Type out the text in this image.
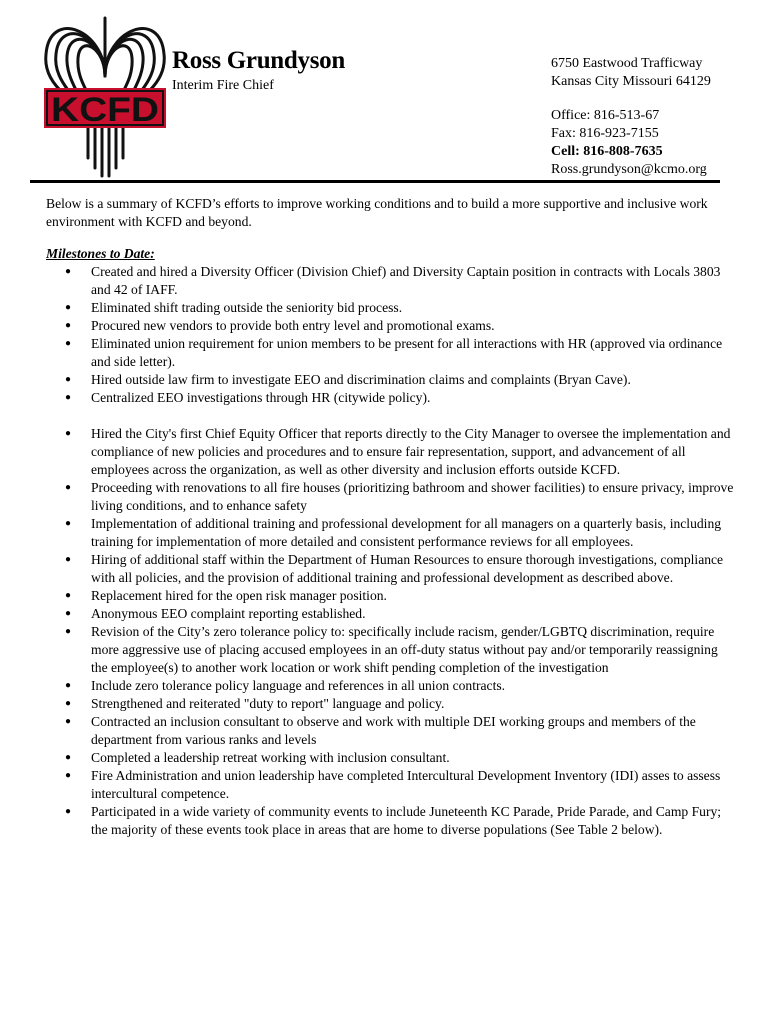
KCFD
Ross Grundyson
Interim Fire Chief
6750 Eastwood Trafficway
Kansas City Missouri 64129
Office: 816-513-67
Fax: 816-923-7155
Cell: 816-808-7635
Ross.grundyson@kcmo.org

Below is a summary of KCFD’s efforts to improve working conditions and to build a more supportive and inclusive work environment with KCFD and beyond.

Milestones to Date:

● Created and hired a Diversity Officer (Division Chief) and Diversity Captain position in contracts with Locals 3803 and 42 of IAFF.
● Eliminated shift trading outside the seniority bid process.
● Procured new vendors to provide both entry level and promotional exams.
● Eliminated union requirement for union members to be present for all interactions with HR (approved via ordinance and side letter).
● Hired outside law firm to investigate EEO and discrimination claims and complaints (Bryan Cave).
● Centralized EEO investigations through HR (citywide policy).
● Hired the City's first Chief Equity Officer that reports directly to the City Manager to oversee the implementation and compliance of new policies and procedures and to ensure fair representation, support, and advancement of all employees across the organization, as well as other diversity and inclusion efforts outside KCFD.
● Proceeding with renovations to all fire houses (prioritizing bathroom and shower facilities) to ensure privacy, improve living conditions, and to enhance safety
● Implementation of additional training and professional development for all managers on a quarterly basis, including training for implementation of more detailed and consistent performance reviews for all employees.
● Hiring of additional staff within the Department of Human Resources to ensure thorough investigations, compliance with all policies, and the provision of additional training and professional development as described above.
● Replacement hired for the open risk manager position.
● Anonymous EEO complaint reporting established.
● Revision of the City’s zero tolerance policy to: specifically include racism, gender/LGBTQ discrimination, require more aggressive use of placing accused employees in an off-duty status without pay and/or temporarily reassigning the employee(s) to another work location or work shift pending completion of the investigation
● Include zero tolerance policy language and references in all union contracts.
● Strengthened and reiterated "duty to report" language and policy.
● Contracted an inclusion consultant to observe and work with multiple DEI working groups and members of the department from various ranks and levels
● Completed a leadership retreat working with inclusion consultant.
● Fire Administration and union leadership have completed Intercultural Development Inventory (IDI) asses to assess intercultural competence.
● Participated in a wide variety of community events to include Juneteenth KC Parade, Pride Parade, and Camp Fury; the majority of these events took place in areas that are home to diverse populations (See Table 2 below).
